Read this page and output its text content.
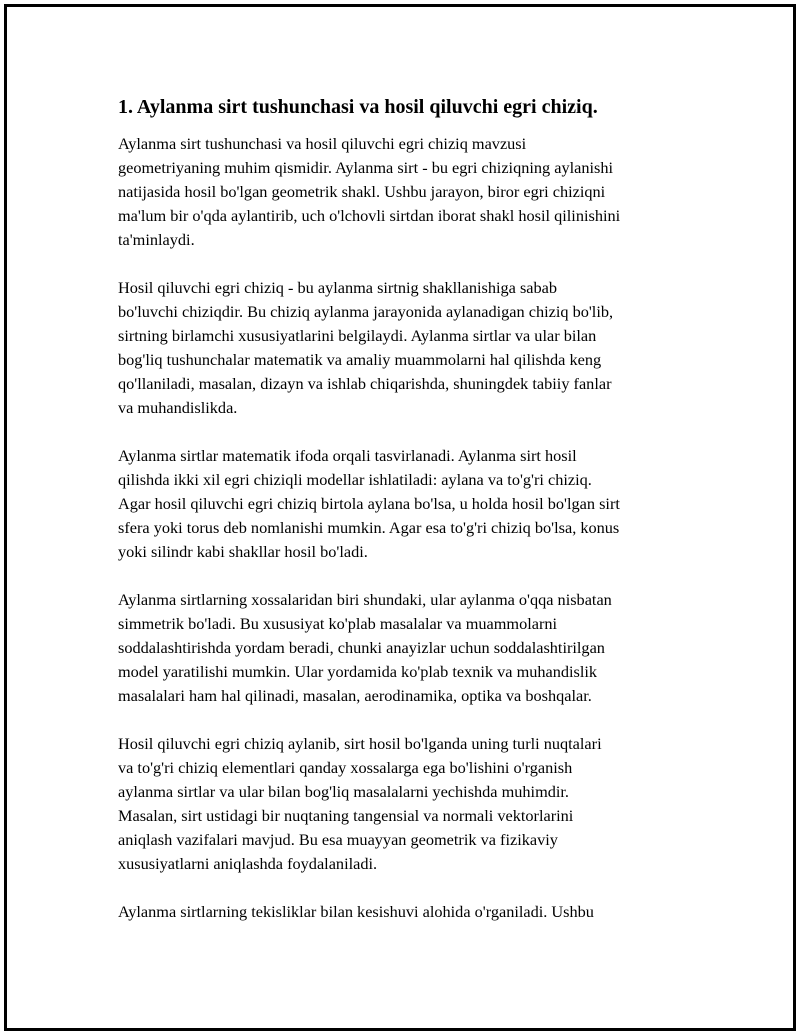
1. Aylanma sirt tushunchasi va hosil qiluvchi egri chiziq.

Aylanma sirt tushunchasi va hosil qiluvchi egri chiziq mavzusi
geometriyaning muhim qismidir. Aylanma sirt - bu egri chiziqning aylanishi
natijasida hosil bo'lgan geometrik shakl. Ushbu jarayon, biror egri chiziqni
ma'lum bir o'qda aylantirib, uch o'lchovli sirtdan iborat shakl hosil qilinishini
ta'minlaydi.

Hosil qiluvchi egri chiziq - bu aylanma sirtnig shakllanishiga sabab
bo'luvchi chiziqdir. Bu chiziq aylanma jarayonida aylanadigan chiziq bo'lib,
sirtning birlamchi xususiyatlarini belgilaydi. Aylanma sirtlar va ular bilan
bog'liq tushunchalar matematik va amaliy muammolarni hal qilishda keng
qo'llaniladi, masalan, dizayn va ishlab chiqarishda, shuningdek tabiiy fanlar
va muhandislikda.

Aylanma sirtlar matematik ifoda orqali tasvirlanadi. Aylanma sirt hosil
qilishda ikki xil egri chiziqli modellar ishlatiladi: aylana va to'g'ri chiziq.
Agar hosil qiluvchi egri chiziq birtola aylana bo'lsa, u holda hosil bo'lgan sirt
sfera yoki torus deb nomlanishi mumkin. Agar esa to'g'ri chiziq bo'lsa, konus
yoki silindr kabi shakllar hosil bo'ladi.

Aylanma sirtlarning xossalaridan biri shundaki, ular aylanma o'qqa nisbatan
simmetrik bo'ladi. Bu xususiyat ko'plab masalalar va muammolarni
soddalashtirishda yordam beradi, chunki anayizlar uchun soddalashtirilgan
model yaratilishi mumkin. Ular yordamida ko'plab texnik va muhandislik
masalalari ham hal qilinadi, masalan, aerodinamika, optika va boshqalar.

Hosil qiluvchi egri chiziq aylanib, sirt hosil bo'lganda uning turli nuqtalari
va to'g'ri chiziq elementlari qanday xossalarga ega bo'lishini o'rganish
aylanma sirtlar va ular bilan bog'liq masalalarni yechishda muhimdir.
Masalan, sirt ustidagi bir nuqtaning tangensial va normali vektorlarini
aniqlash vazifalari mavjud. Bu esa muayyan geometrik va fizikaviy
xususiyatlarni aniqlashda foydalaniladi.

Aylanma sirtlarning tekisliklar bilan kesishuvi alohida o'rganiladi. Ushbu
